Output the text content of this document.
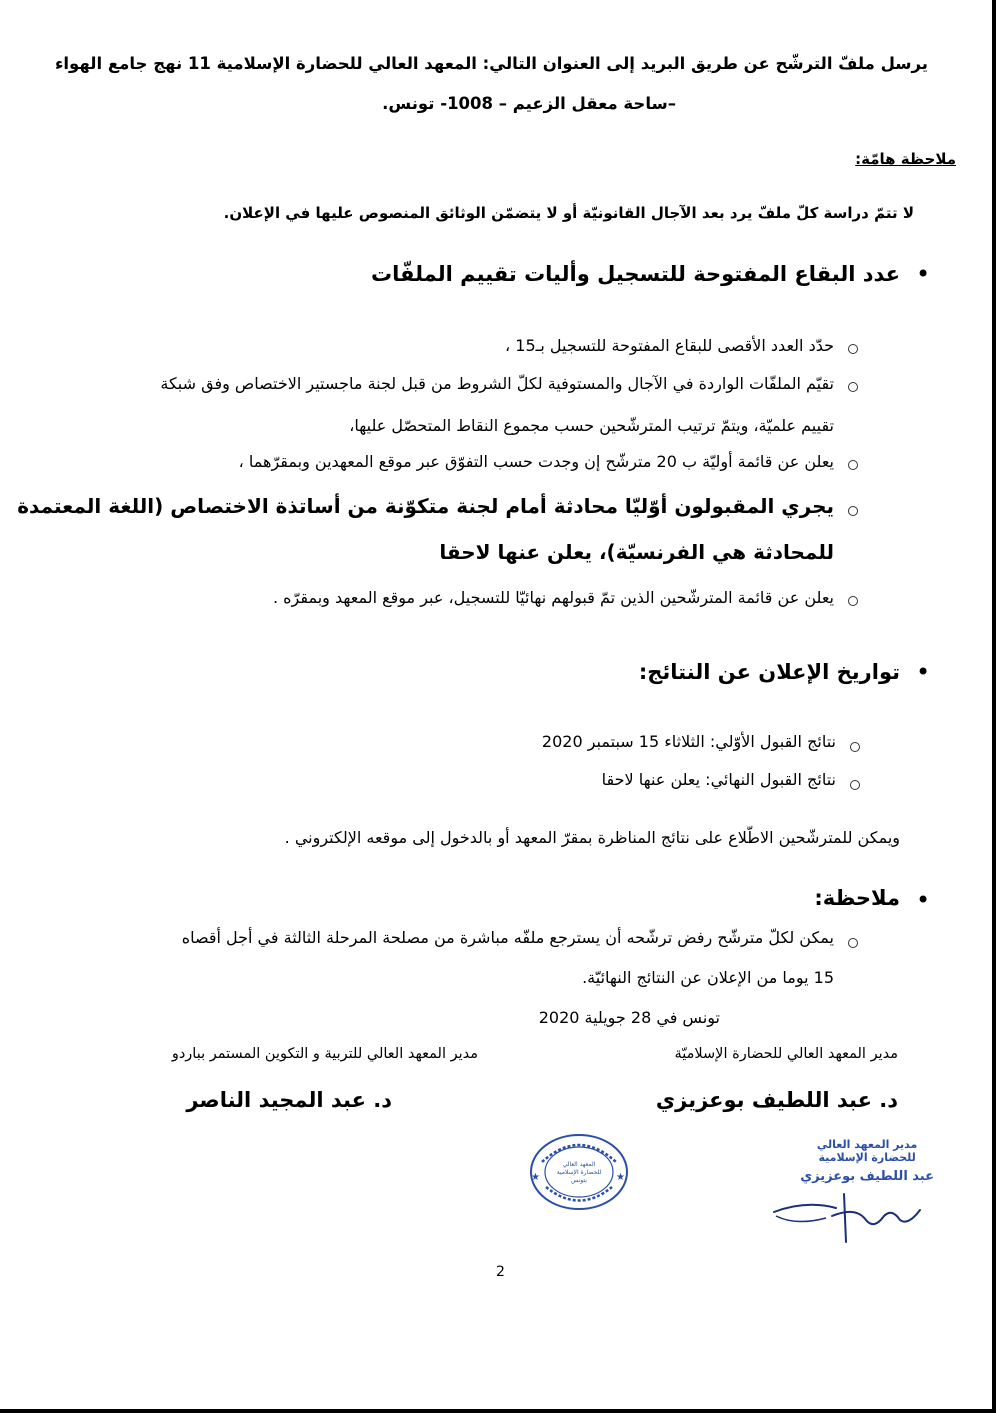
يرسل ملفّ الترشّح عن طريق البريد إلى العنوان التالي: المعهد العالي للحضارة الإسلامية 11 نهج جامع الهواء
–ساحة معقل الزعيم – 1008- تونس.
ملاحظة هامّة:
لا تتمّ دراسة كلّ ملفّ يرد بعد الآجال القانونيّة أو لا يتضمّن الوثائق المنصوص عليها في الإعلان.
•
عدد البقاع المفتوحة للتسجيل وأليات تقييم الملفّات
حدّد العدد الأقصى للبقاع المفتوحة للتسجيل بـ15 ،
تقيّم الملفّات الواردة في الآجال والمستوفية لكلّ الشروط من قبل لجنة ماجستير الاختصاص وفق شبكة
تقييم علميّة، ويتمّ ترتيب المترشّحين حسب مجموع النقاط المتحصّل عليها،
يعلن عن قائمة أوليّة ب 20 مترشّح إن وجدت حسب التفوّق عبر موقع المعهدين وبمقرّهما ،
يجري المقبولون أوّليّا محادثة أمام لجنة متكوّنة من أساتذة الاختصاص (اللغة المعتمدة
للمحادثة هي الفرنسيّة)، يعلن عنها لاحقا
يعلن عن قائمة المترشّحين الذين تمّ قبولهم نهائيّا للتسجيل، عبر موقع المعهد وبمقرّه .
•
تواريخ الإعلان عن النتائج:
نتائج القبول الأوّلي: الثلاثاء 15 سبتمبر 2020
نتائج القبول النهائي: يعلن عنها لاحقا
ويمكن للمترشّحين الاطّلاع على نتائج المناظرة بمقرّ المعهد أو بالدخول إلى موقعه الإلكتروني .
•
ملاحظة:
يمكن لكلّ مترشّح رفض ترشّحه أن يسترجع ملفّه مباشرة من مصلحة المرحلة الثالثة في أجل أقصاه
15 يوما من الإعلان عن النتائج النهائيّة.
تونس في 28 جويلية 2020
مدير المعهد العالي للحضارة الإسلاميّة
مدير المعهد العالي للتربية و التكوين المستمر بباردو
د. عبد اللطيف بوعزيزي
د. عبد المجيد الناصر
المعهد العالي
للحضارة الإسلامية
بتونس
★	★
مدير المعهد العالي
للحضارة الإسلامية
عبد اللطيف بوعزيزي
2
